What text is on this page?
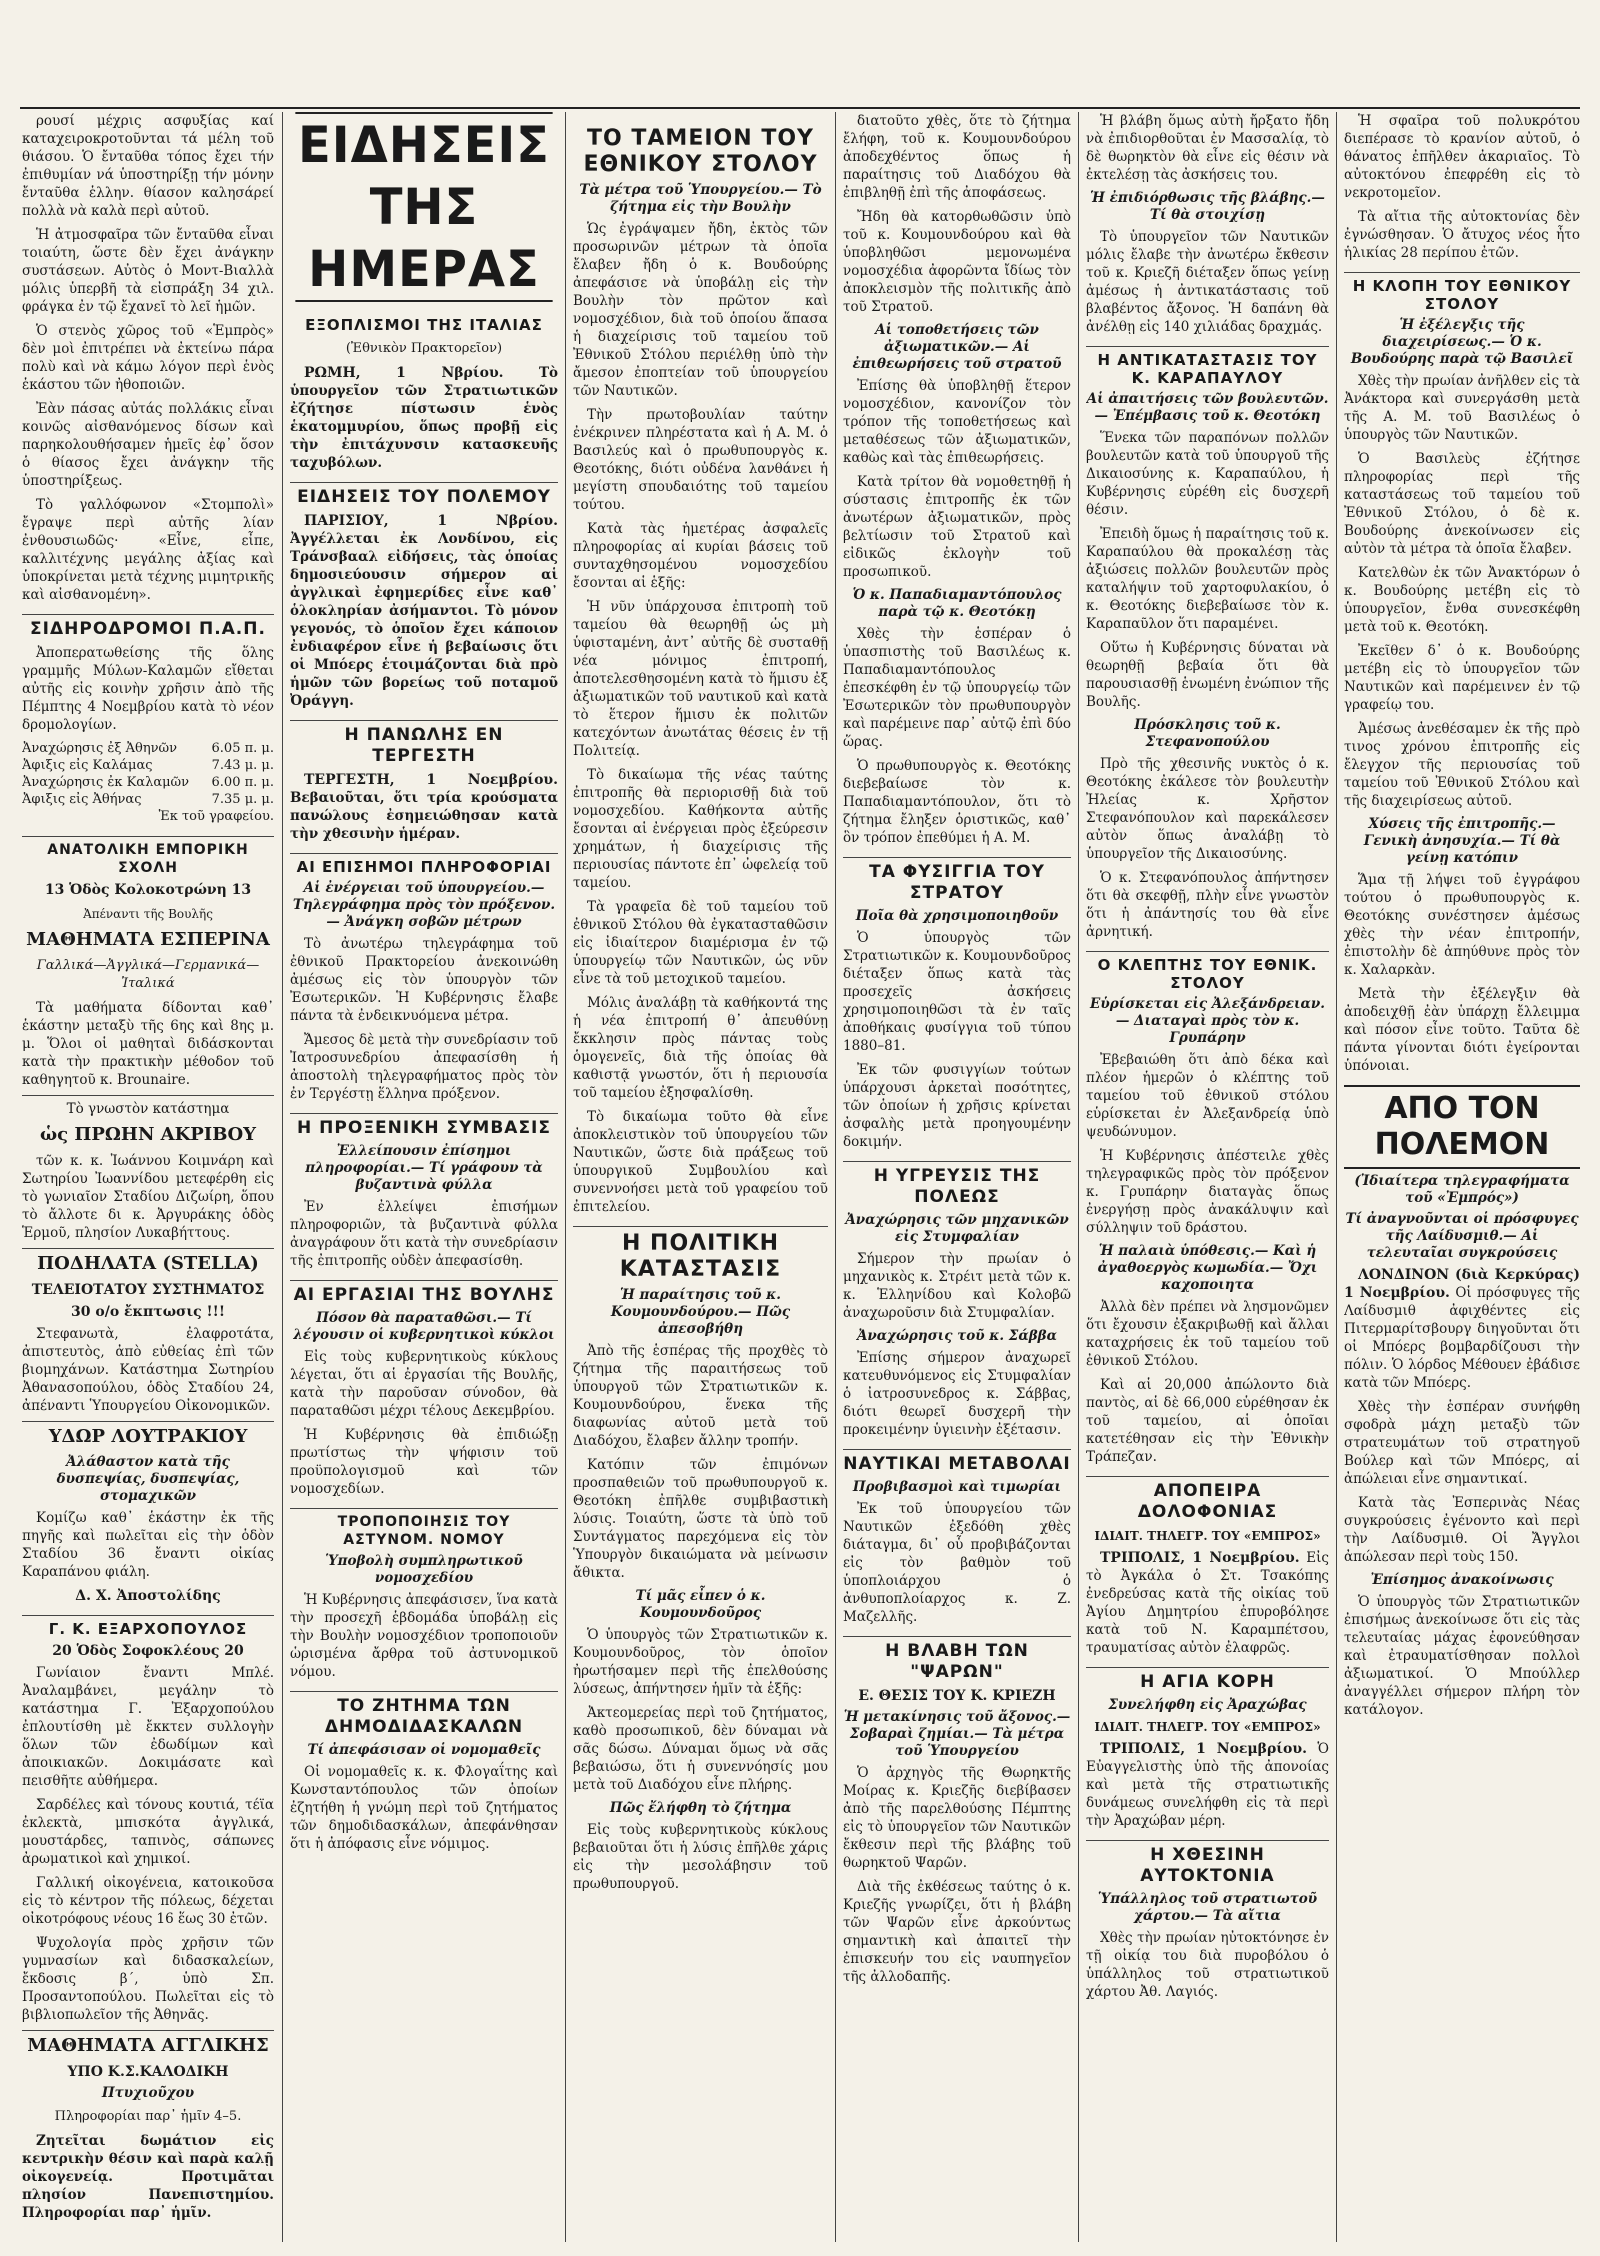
ρουσί μέχρις ασφυξίας καί καταχειροκροτοῦνται τά μέλη τοῦ θιάσου. Ὁ ἔνταῦθα τόπος ἔχει τήν ἐπιθυμίαν νά ὑποστηρίξῃ τήν μόνην ἔνταῦθα ἑλλην. θίασον καλησάρεί πολλὰ νὰ καλὰ περὶ αὐτοῦ.

Ἡ ἀτμοσφαῖρα τῶν ἔνταῦθα εἶναι τοιαύτη, ὥστε δὲν ἔχει ἀνάγκην συστάσεων. Αὐτὸς ὁ Μοντ-Βιαλλὰ μόλις ὑπερβῆ τὰ εἰσπράξη 34 χιλ. φράγκα ἐν τῷ ἔχανεῖ τὸ λεῖ ἡμῶν.

Ὁ στενὸς χῶρος τοῦ «Ἑμπρὸς» δὲν μοὶ ἐπιτρέπει νὰ ἐκτείνω πάρα πολὺ καὶ νὰ κάμω λόγον περὶ ἑνὸς ἑκάστου τῶν ἠθοποιῶν.

Ἐὰν πάσας αὐτάς πολλάκις εἶναι κοινῶς αἰσθανόμενος δίσων καὶ παρηκολουθήσαμεν ἡμεῖς ἐφ᾽ ὅσον ὁ θίασος ἔχει ἀνάγκην τῆς ὑποστηρίξεως.

Τὸ γαλλόφωνον «Στομπολὶ» ἔγραψε περὶ αὐτῆς λίαν ἐνθουσιωδῶς· «Εἶνε, εἶπε, καλλιτέχνης μεγάλης ἀξίας καὶ ὑποκρίνεται μετὰ τέχνης μιμητρικῆς καὶ αἰσθανομένη».

ΣΙΔΗΡΟΔΡΟΜΟΙ Π.Α.Π.

Ἀποπερατωθείσης τῆς ὅλης γραμμῆς Μύλων-Καλαμῶν εἴθεται αὐτῆς εἰς κοινὴν χρῆσιν ἀπὸ τῆς Πέμπτης 4 Νοεμβρίου κατὰ τὸ νέον δρομολογίων.

Ἀναχώρησις ἐξ Ἀθηνῶν	6.05 π. μ.
Ἀφιξις εἰς Καλάμας	7.43 μ. μ.
Ἀναχώρησις ἐκ Καλαμῶν 6.00 π. μ.
Ἀφιξις εἰς Ἀθήνας	7.35 μ. μ.
Ἐκ τοῦ γραφείου.
ΑΝΑΤΟΛΙΚΗ ΕΜΠΟΡΙΚΗ ΣΧΟΛΗ
13 Ὁδὸς Κολοκοτρώνη 13
Ἀπέναντι τῆς Βουλῆς
ΜΑΘΗΜΑΤΑ ΕΣΠΕΡΙΝΑ
Γαλλικά—Ἀγγλικά—Γερμανικά—Ἰταλικά

Τὰ μαθήματα δίδονται καθ᾽ ἑκάστην μεταξὺ τῆς 6ης καὶ 8ης μ. μ. Ὅλοι οἱ μαθηταὶ διδάσκονται κατὰ τὴν πρακτικὴν μέθοδον τοῦ καθηγητοῦ κ. Brounaire.

Τὸ γνωστὸν κατάστημα
ὡς ΠΡΩΗΝ ΑΚΡΙΒΟΥ

τῶν κ. κ. Ἰωάννου Κοιμνάρη καὶ Σωτηρίου Ἰωαννίδου μετεφέρθη εἰς τὸ γωνιαῖον Σταδίου Διζωίρη, ὅπου τὸ ἄλλοτε δι κ. Ἀργυράκης ὁδὸς Ἑρμοῦ, πλησίον Λυκαβήττους.

ΠΟΔΗΛΑΤΑ (STELLA)
ΤΕΛΕΙΟΤΑΤΟΥ ΣΥΣΤΗΜΑΤΟΣ
30 ο/ο ἔκπτωσις !!!

Στεφανωτὰ, ἐλαφροτάτα, ἀπιστευτὸς, ἀπὸ εὐθείας ἐπὶ τῶν βιομηχάνων. Κατάστημα Σωτηρίου Ἀθανασοπούλου, ὁδὸς Σταδίου 24, ἀπέναντι Ὑπουργείου Οἰκονομικῶν.

ΥΔΩΡ ΛΟΥΤΡΑΚΙΟΥ
Ἀλάθαστον κατὰ τῆς δυσπεψίας, δυσπεψίας, στομαχικῶν

Κομίζω καθ᾽ ἑκάστην ἐκ τῆς πηγῆς καὶ πωλεῖται εἰς τὴν ὁδὸν Σταδίου 36 ἔναντι οἰκίας Καραπάνου φιάλη.

Δ. Χ. Ἀποστολίδης
Γ. Κ. ΕΞΑΡΧΟΠΟΥΛΟΣ
20 Ὁδὸς Σοφοκλέους 20

Γωνίαιον ἔναντι Μπλέ. Ἀναλαμβάνει, μεγάλην τὸ κατάστημα Γ. Ἐξαρχοπούλου ἐπλουτίσθη μὲ ἔκκτεν συλλογὴν ὅλων τῶν ἐδωδίμων καὶ ἀποικιακῶν. Δοκιμάσατε καὶ πεισθῆτε αὐθήμερα.

Σαρδέλες καὶ τόνους κουτιά, τέϊα ἐκλεκτὰ, μπισκότα ἀγγλικά, μουστάρδες, ταπινὸς, σάπωνες ἀρωματικοὶ καὶ χημικοί.

Γαλλική οἰκογένεια, κατοικοῦσα εἰς τὸ κέντρον τῆς πόλεως, δέχεται οἰκοτρόφους νέους 16 ἕως 30 ἐτῶν.

Ψυχολογία πρὸς χρῆσιν τῶν γυμνασίων καὶ διδασκαλείων, ἔκδοσις β΄, ὑπὸ Σπ. Προσαντοπούλου. Πωλεῖται εἰς τὸ βιβλιοπωλεῖον τῆς Ἀθηνᾶς.

ΜΑΘΗΜΑΤΑ ΑΓΓΛΙΚΗΣ
ΥΠΟ Κ.Σ.ΚΑΛΟΔΙΚΗ
Πτυχιοῦχου
Πληροφορίαι παρ᾽ ἡμῖν 4–5.

Ζητεῖται δωμάτιον εἰς κεντρικὴν θέσιν καὶ παρὰ καλῇ οἰκογενείᾳ. Προτιμᾶται πλησίον Πανεπιστημίου. Πληροφορίαι παρ᾽ ἡμῖν.

ΕΙΔΗΣΕΙΣ ΤΗΣ ΗΜΕΡΑΣ
ΕΞΟΠΛΙΣΜΟΙ ΤΗΣ ΙΤΑΛΙΑΣ
(Ἐθνικὸν Πρακτορεῖον)

ΡΩΜΗ, 1 Νβρίου.	Τὸ ὑπουργεῖον τῶν Στρατιωτικῶν ἐζήτησε πίστωσιν ἑνὸς ἑκατομμυρίου, ὅπως προβῇ εἰς τὴν ἐπιτάχυνσιν κατασκευῆς ταχυβόλων.

ΕΙΔΗΣΕΙΣ ΤΟΥ ΠΟΛΕΜΟΥ

ΠΑΡΙΣΙΟΥ, 1 Νβρίου. Ἀγγέλλεται ἐκ Λονδίνου, εἰς Τράνσβααλ εἰδήσεις, τὰς ὁποίας δημοσιεύουσιν σήμερον αἱ ἀγγλικαὶ ἐφημερίδες εἶνε καθ᾽ ὁλοκληρίαν ἀσήμαντοι. Τὸ μόνον γεγονός, τὸ ὁποῖον ἔχει κάποιον ἐνδιαφέρον εἶνε ἡ βεβαίωσις ὅτι οἱ Μπόερς ἑτοιμάζονται διὰ πρὸ ἡμῶν τῶν βορείως τοῦ ποταμοῦ Ὀράγγη.

Η ΠΑΝΩΛΗΣ ΕΝ ΤΕΡΓΕΣΤΗ

ΤΕΡΓΕΣΤΗ, 1 Νοεμβρίου. Βεβαιοῦται, ὅτι τρία κρούσματα πανώλους ἐσημειώθησαν κατὰ τὴν χθεσινὴν ἡμέραν.

ΑΙ ΕΠΙΣΗΜΟΙ ΠΛΗΡΟΦΟΡΙΑΙ
Αἱ ἐνέργειαι τοῦ ὑπουργείου.— Τηλεγράφημα πρὸς τὸν πρόξενον.— Ἀνάγκη σοβῶν μέτρων

Τὸ ἀνωτέρω τηλεγράφημα τοῦ ἐθνικοῦ Πρακτορείου ἀνεκοινώθη ἀμέσως εἰς τὸν ὑπουργὸν τῶν Ἐσωτερικῶν. Ἡ Κυβέρνησις ἔλαβε πάντα τὰ ἐνδεικνυόμενα μέτρα.

Ἄμεσος δὲ μετὰ τὴν συνεδρίασιν τοῦ Ἰατροσυνεδρίου ἀπεφασίσθη ἡ ἀποστολὴ τηλεγραφήματος πρὸς τὸν ἐν Τεργέστῃ ἕλληνα πρόξενον.

Η ΠΡΟΞΕΝΙΚΗ ΣΥΜΒΑΣΙΣ
Ἐλλείπουσιν ἐπίσημοι πληροφορίαι.— Τί γράφουν τὰ βυζαντινὰ φύλλα

Ἐν ἐλλείψει ἐπισήμων πληροφοριῶν, τὰ βυζαντινὰ φύλλα ἀναγράφουν ὅτι κατὰ τὴν συνεδρίασιν τῆς ἐπιτροπῆς οὐδὲν ἀπεφασίσθη.

ΑΙ ΕΡΓΑΣΙΑΙ ΤΗΣ ΒΟΥΛΗΣ
Πόσον θὰ παραταθῶσι.— Τί λέγουσιν οἱ κυβερνητικοὶ κύκλοι

Εἰς τοὺς κυβερνητικοὺς κύκλους λέγεται, ὅτι αἱ ἐργασίαι τῆς Βουλῆς, κατὰ τὴν παροῦσαν σύνοδον, θὰ παραταθῶσι μέχρι τέλους Δεκεμβρίου.

Ἡ Κυβέρνησις θὰ ἐπιδιώξῃ πρωτίστως τὴν ψήφισιν τοῦ προϋπολογισμοῦ καὶ τῶν νομοσχεδίων.

ΤΡΟΠΟΠΟΙΗΣΙΣ ΤΟΥ ΑΣΤΥΝΟΜ. ΝΟΜΟΥ
Ὑποβολὴ συμπληρωτικοῦ νομοσχεδίου

Ἡ Κυβέρνησις ἀπεφάσισεν, ἵνα κατὰ τὴν προσεχῆ ἑβδομάδα ὑποβάλῃ εἰς τὴν Βουλὴν νομοσχέδιον τροποποιοῦν ὡρισμένα ἄρθρα τοῦ ἀστυνομικοῦ νόμου.

ΤΟ ΖΗΤΗΜΑ ΤΩΝ ΔΗΜΟΔΙΔΑΣΚΑΛΩΝ
Τί ἀπεφάσισαν οἱ νομομαθεῖς

Οἱ νομομαθεῖς κ. κ. Φλογαΐτης καὶ Κωνσταντόπουλος τῶν ὁποίων ἐζητήθη ἡ γνώμη περὶ τοῦ ζητήματος τῶν δημοδιδασκάλων, ἀπεφάνθησαν ὅτι ἡ ἀπόφασις εἶνε νόμιμος.

ΤΟ ΤΑΜΕΙΟΝ ΤΟΥ ΕΘΝΙΚΟΥ ΣΤΟΛΟΥ
Τὰ μέτρα τοῦ Ὑπουργείου.— Τὸ ζήτημα εἰς τὴν Βουλὴν

Ὡς ἐγράψαμεν ἤδη, ἐκτὸς τῶν προσωρινῶν μέτρων τὰ ὁποῖα ἔλαβεν ἤδη ὁ κ. Βουδούρης ἀπεφάσισε νὰ ὑποβάλῃ εἰς τὴν Βουλὴν τὸν πρῶτον καὶ νομοσχέδιον, διὰ τοῦ ὁποίου ἅπασα ἡ διαχείρισις τοῦ ταμείου τοῦ Ἐθνικοῦ Στόλου περιέλθῃ ὑπὸ τὴν ἄμεσον ἐποπτείαν τοῦ ὑπουργείου τῶν Ναυτικῶν.

Τὴν πρωτοβουλίαν ταύτην ἐνέκρινεν πληρέστατα καὶ ἡ Α. Μ. ὁ Βασιλεύς καὶ ὁ πρωθυπουργὸς κ. Θεοτόκης, διότι οὐδένα λανθάνει ἡ μεγίστη σπουδαιότης τοῦ ταμείου τούτου.

Κατὰ τὰς ἡμετέρας ἀσφαλεῖς πληροφορίας αἱ κυρίαι βάσεις τοῦ συνταχθησομένου νομοσχεδίου ἔσονται αἱ ἑξῆς:

Ἡ νῦν ὑπάρχουσα ἐπιτροπὴ τοῦ ταμείου θὰ θεωρηθῇ ὡς μὴ ὑφισταμένη, ἀντ᾽ αὐτῆς δὲ συσταθῇ νέα μόνιμος ἐπιτροπή, ἀποτελεσθησομένη κατὰ τὸ ἥμισυ ἐξ ἀξιωματικῶν τοῦ ναυτικοῦ καὶ κατὰ τὸ ἕτερον ἥμισυ ἐκ πολιτῶν κατεχόντων ἀνωτάτας θέσεις ἐν τῇ Πολιτείᾳ.

Τὸ δικαίωμα τῆς νέας ταύτης ἐπιτροπῆς θὰ περιορισθῇ διὰ τοῦ νομοσχεδίου. Καθήκοντα αὐτῆς ἔσονται αἱ ἐνέργειαι πρὸς ἐξεύρεσιν χρημάτων, ἡ διαχείρισις τῆς περιουσίας πάντοτε ἐπ᾽ ὠφελείᾳ τοῦ ταμείου.

Τὰ γραφεῖα δὲ τοῦ ταμείου τοῦ ἐθνικοῦ Στόλου θὰ ἐγκατασταθῶσιν εἰς ἰδιαίτερον διαμέρισμα ἐν τῷ ὑπουργείῳ τῶν Ναυτικῶν, ὡς νῦν εἶνε τὰ τοῦ μετοχικοῦ ταμείου.

Μόλις ἀναλάβῃ τὰ καθήκοντά της ἡ νέα ἐπιτροπή θ᾽ ἀπευθύνῃ ἔκκλησιν πρὸς πάντας τοὺς ὁμογενεῖς, διὰ τῆς ὁποίας θὰ καθιστᾷ γνωστόν, ὅτι ἡ περιουσία τοῦ ταμείου ἐξησφαλίσθη.

Τὸ δικαίωμα τοῦτο θὰ εἶνε ἀποκλειστικὸν τοῦ ὑπουργείου τῶν Ναυτικῶν, ὥστε διὰ πράξεως τοῦ ὑπουργικοῦ Συμβουλίου καὶ συνεννοήσει μετὰ τοῦ γραφείου τοῦ ἐπιτελείου.

Η ΠΟΛΙΤΙΚΗ ΚΑΤΑΣΤΑΣΙΣ
Ἡ παραίτησις τοῦ κ. Κουμουνδούρου.— Πῶς ἀπεσοβήθη

Ἀπὸ τῆς ἑσπέρας τῆς προχθὲς τὸ ζήτημα τῆς παραιτήσεως τοῦ ὑπουργοῦ τῶν Στρατιωτικῶν κ. Κουμουνδούρου, ἕνεκα τῆς διαφωνίας αὐτοῦ μετὰ τοῦ Διαδόχου, ἔλαβεν ἄλλην τροπήν.

Κατόπιν τῶν ἐπιμόνων προσπαθειῶν τοῦ πρωθυπουργοῦ κ. Θεοτόκη ἐπῆλθε συμβιβαστικὴ λύσις. Τοιαύτη, ὥστε τὰ ὑπὸ τοῦ Συντάγματος παρεχόμενα εἰς τὸν Ὑπουργὸν δικαιώματα νὰ μείνωσιν ἄθικτα.

Τί μᾶς εἶπεν ὁ κ. Κουμουνδοῦρος

Ὁ ὑπουργὸς τῶν Στρατιωτικῶν κ. Κουμουνδοῦρος, τὸν ὁποῖον ἠρωτήσαμεν περὶ τῆς ἐπελθούσης λύσεως, ἀπήντησεν ἡμῖν τὰ ἑξῆς:

Ἀκτεομερείας περὶ τοῦ ζητήματος, καθὸ προσωπικοῦ, δὲν δύναμαι νὰ σᾶς δώσω. Δύναμαι ὅμως νὰ σᾶς βεβαιώσω, ὅτι ἡ συνεννόησίς μου μετὰ τοῦ Διαδόχου εἶνε πλήρης.

Πῶς ἔλήφθη τὸ ζήτημα

Εἰς τοὺς κυβερνητικοὺς κύκλους βεβαιοῦται ὅτι ἡ λύσις ἐπῆλθε χάρις εἰς τὴν μεσολάβησιν τοῦ πρωθυπουργοῦ.

διατοῦτο χθὲς, ὅτε τὸ ζήτημα ἔλήφη, τοῦ κ. Κουμουνδούρου ἀποδεχθέντος ὅπως ἡ παραίτησις τοῦ Διαδόχου θὰ ἐπιβληθῇ ἐπὶ τῆς ἀποφάσεως.

Ἤδη θὰ κατορθωθῶσιν ὑπὸ τοῦ κ. Κουμουνδούρου καὶ θὰ ὑποβληθῶσι μεμονωμένα νομοσχέδια ἀφορῶντα ἴδίως τὸν ἀποκλεισμὸν τῆς πολιτικῆς ἀπὸ τοῦ Στρατοῦ.

Αἱ τοποθετήσεις τῶν ἀξιωματικῶν.— Αἱ ἐπιθεωρήσεις τοῦ στρατοῦ

Ἐπίσης θὰ ὑποβληθῇ ἕτερον νομοσχέδιον, κανονίζον τὸν τρόπον τῆς τοποθετήσεως καὶ μεταθέσεως τῶν ἀξιωματικῶν, καθὼς καὶ τὰς ἐπιθεωρήσεις.

Κατὰ τρίτον θὰ νομοθετηθῇ ἡ σύστασις ἐπιτροπῆς ἐκ τῶν ἀνωτέρων ἀξιωματικῶν, πρὸς βελτίωσιν τοῦ Στρατοῦ καὶ εἰδικῶς ἐκλογὴν τοῦ προσωπικοῦ.

Ὁ κ. Παπαδιαμαντόπουλος παρὰ τῷ κ. Θεοτόκῃ

Χθὲς τὴν ἑσπέραν ὁ ὑπασπιστὴς τοῦ Βασιλέως κ. Παπαδιαμαντόπουλος ἐπεσκέφθη ἐν τῷ ὑπουργείῳ τῶν Ἐσωτερικῶν τὸν πρωθυπουργὸν καὶ παρέμεινε παρ᾽ αὐτῷ ἐπὶ δύο ὥρας.

Ὁ πρωθυπουργὸς κ. Θεοτόκης διεβεβαίωσε τὸν κ. Παπαδιαμαντόπουλον, ὅτι τὸ ζήτημα ἔληξεν ὁριστικῶς, καθ᾽ ὃν τρόπον ἐπεθύμει ἡ Α. Μ.

ΤΑ ΦΥΣΙΓΓΙΑ ΤΟΥ ΣΤΡΑΤΟΥ
Ποῖα θὰ χρησιμοποιηθοῦν

Ὁ ὑπουργὸς τῶν Στρατιωτικῶν κ. Κουμουνδοῦρος διέταξεν ὅπως κατὰ τὰς προσεχεῖς ἀσκήσεις χρησιμοποιηθῶσι τὰ ἐν ταῖς ἀποθήκαις φυσίγγια τοῦ τύπου 1880–81.

Ἐκ τῶν φυσιγγίων τούτων ὑπάρχουσι ἀρκεταὶ ποσότητες, τῶν ὁποίων ἡ χρῆσις κρίνεται ἀσφαλὴς μετὰ προηγουμένην δοκιμήν.

Η ΥΓΡΕΥΣΙΣ ΤΗΣ ΠΟΛΕΩΣ
Ἀναχώρησις τῶν μηχανικῶν εἰς Στυμφαλίαν

Σήμερον τὴν πρωίαν ὁ μηχανικὸς κ. Στρέιτ μετὰ τῶν κ. κ. Ἑλληνίδου καὶ Κολοβῶ ἀναχωροῦσιν διὰ Στυμφαλίαν.

Ἀναχώρησις τοῦ κ. Σάββα

Ἐπίσης σήμερον ἀναχωρεῖ κατευθυνόμενος εἰς Στυμφαλίαν ὁ ἰατροσυνεδρος κ. Σάββας, διότι θεωρεῖ δυσχερῆ τὴν προκειμένην ὑγιεινὴν ἐξέτασιν.

ΝΑΥΤΙΚΑΙ ΜΕΤΑΒΟΛΑΙ
Προβιβασμοὶ καὶ τιμωρίαι

Ἐκ τοῦ ὑπουργείου τῶν Ναυτικῶν ἐξεδόθη χθὲς διάταγμα, δι᾽ οὗ προβιβάζονται εἰς τὸν βαθμὸν τοῦ ὑποπλοιάρχου ὁ ἀνθυποπλοίαρχος κ. Ζ. Μαζελλῆς.

Η ΒΛΑΒΗ ΤΩΝ "ΨΑΡΩΝ"
Ε. ΘΕΣΙΣ ΤΟΥ Κ. ΚΡΙΕΖΗ
Ἡ μετακίνησις τοῦ ἄξονος.— Σοβαραὶ ζημίαι.— Τὰ μέτρα τοῦ Ὑπουργείου

Ὁ ἀρχηγὸς τῆς Θωρηκτῆς Μοίρας κ. Κριεζῆς διεβίβασεν ἀπὸ τῆς παρελθούσης Πέμπτης εἰς τὸ ὑπουργεῖον τῶν Ναυτικῶν ἔκθεσιν περὶ τῆς βλάβης τοῦ θωρηκτοῦ Ψαρῶν.

Διὰ τῆς ἐκθέσεως ταύτης ὁ κ. Κριεζῆς γνωρίζει, ὅτι ἡ βλάβη τῶν Ψαρῶν εἶνε ἀρκούντως σημαντικὴ καὶ ἀπαιτεῖ τὴν ἐπισκευήν του εἰς ναυπηγεῖον τῆς ἀλλοδαπῆς.

Ἡ βλάβη ὅμως αὐτὴ ἤρξατο ἤδη νὰ ἐπιδιορθοῦται ἐν Μασσαλίᾳ, τὸ δὲ θωρηκτὸν θὰ εἶνε εἰς θέσιν νὰ ἐκτελέσῃ τὰς ἀσκήσεις του.

Ἡ ἐπιδιόρθωσις τῆς βλάβης.— Τί θὰ στοιχίσῃ

Τὸ ὑπουργεῖον τῶν Ναυτικῶν μόλις ἔλαβε τὴν ἀνωτέρω ἔκθεσιν τοῦ κ. Κριεζῆ διέταξεν ὅπως γείνῃ ἀμέσως ἡ ἀντικατάστασις τοῦ βλαβέντος ἄξονος. Ἡ δαπάνη θὰ ἀνέλθῃ εἰς 140 χιλιάδας δραχμάς.

Η ΑΝΤΙΚΑΤΑΣΤΑΣΙΣ ΤΟΥ Κ. ΚΑΡΑΠΑΥΛΟΥ
Αἱ ἀπαιτήσεις τῶν βουλευτῶν.— Ἐπέμβασις τοῦ κ. Θεοτόκη

Ἕνεκα τῶν παραπόνων πολλῶν βουλευτῶν κατὰ τοῦ ὑπουργοῦ τῆς Δικαιοσύνης κ. Καραπαύλου, ἡ Κυβέρνησις εὑρέθη εἰς δυσχερῆ θέσιν.

Ἐπειδὴ ὅμως ἡ παραίτησις τοῦ κ. Καραπαύλου θὰ προκαλέσῃ τὰς ἀξιώσεις πολλῶν βουλευτῶν πρὸς καταλήψιν τοῦ χαρτοφυλακίου, ὁ κ. Θεοτόκης διεβεβαίωσε τὸν κ. Καραπαῦλον ὅτι παραμένει.

Οὕτω ἡ Κυβέρνησις δύναται νὰ θεωρηθῇ βεβαία ὅτι θὰ παρουσιασθῇ ἑνωμένη ἐνώπιον τῆς Βουλῆς.

Πρόσκλησις τοῦ κ. Στεφανοπούλου

Πρὸ τῆς χθεσινῆς νυκτὸς ὁ κ. Θεοτόκης ἐκάλεσε τὸν βουλευτὴν Ἠλείας κ. Χρῆστον Στεφανόπουλον καὶ παρεκάλεσεν αὐτὸν ὅπως ἀναλάβῃ τὸ ὑπουργεῖον τῆς Δικαιοσύνης.

Ὁ κ. Στεφανόπουλος ἀπήντησεν ὅτι θὰ σκεφθῇ, πλὴν εἶνε γνωστὸν ὅτι ἡ ἀπάντησίς του θὰ εἶνε ἀρνητική.

Ο ΚΛΕΠΤΗΣ ΤΟΥ ΕΘΝΙΚ. ΣΤΟΛΟΥ
Εὑρίσκεται εἰς Ἀλεξάνδρειαν.— Διαταγαὶ πρὸς τὸν κ. Γρυπάρην

Ἐβεβαιώθη ὅτι ἀπὸ δέκα καὶ πλέον ἡμερῶν ὁ κλέπτης τοῦ ταμείου τοῦ ἐθνικοῦ στόλου εὑρίσκεται ἐν Ἀλεξανδρείᾳ ὑπὸ ψευδώνυμον.

Ἡ Κυβέρνησις ἀπέστειλε χθὲς τηλεγραφικῶς πρὸς τὸν πρόξενον κ. Γρυπάρην διαταγὰς ὅπως ἐνεργήσῃ πρὸς ἀνακάλυψιν καὶ σύλληψιν τοῦ δράστου.

Ἡ παλαιὰ ὑπόθεσις.— Καὶ ἡ ἀγαθοεργὸς κωμωδία.— Ὄχι καχοποιητα

Ἀλλὰ δὲν πρέπει νὰ λησμονῶμεν ὅτι ἔχουσιν ἐξακριβωθῇ καὶ ἄλλαι καταχρήσεις ἐκ τοῦ ταμείου τοῦ ἐθνικοῦ Στόλου.

Καὶ αἱ 20,000 ἀπώλοντο διὰ παντὸς, αἱ δὲ 66,000 εὑρέθησαν ἐκ τοῦ ταμείου, αἱ ὁποῖαι κατετέθησαν εἰς τὴν Ἐθνικὴν Τράπεζαν.

ΑΠΟΠΕΙΡΑ ΔΟΛΟΦΟΝΙΑΣ
ΙΔΙΑΙΤ. ΤΗΛΕΓΡ. ΤΟΥ «ΕΜΠΡΟΣ»

ΤΡΙΠΟΛΙΣ, 1 Νοεμβρίου. Εἰς τὸ Ἀγκάλα ὁ Στ. Τσακόπης ἐνεδρεύσας κατὰ τῆς οἰκίας τοῦ Ἀγίου Δημητρίου ἐπυροβόλησε κατὰ τοῦ Ν. Καραμπέτσου, τραυματίσας αὐτὸν ἐλαφρῶς.

Η ΑΓΙΑ ΚΟΡΗ
Συνελήφθη εἰς Ἀραχώβας
ΙΔΙΑΙΤ. ΤΗΛΕΓΡ. ΤΟΥ «ΕΜΠΡΟΣ»

ΤΡΙΠΟΛΙΣ, 1 Νοεμβρίου. Ὁ Εὐαγγελιστὴς ὑπὸ τῆς ἀπονοίας καὶ μετὰ τῆς στρατιωτικῆς δυνάμεως συνελήφθη εἰς τὰ περὶ τὴν Ἀραχώβαν μέρη.

Η ΧΘΕΣΙΝΗ ΑΥΤΟΚΤΟΝΙΑ
Ὑπάλληλος τοῦ στρατιωτοῦ χάρτου.— Τὰ αἴτια

Χθὲς τὴν πρωίαν ηὐτοκτόνησε ἐν τῇ οἰκίᾳ του διὰ πυροβόλου ὁ ὑπάλληλος τοῦ στρατιωτικοῦ χάρτου Ἀθ. Λαγιός.

Ἡ σφαῖρα τοῦ πολυκρότου διεπέρασε τὸ κρανίον αὐτοῦ, ὁ θάνατος ἐπῆλθεν ἀκαριαῖος. Τὸ αὐτοκτόνου ἐπεφρέθη εἰς τὸ νεκροτομεῖον.

Τὰ αἴτια τῆς αὐτοκτονίας δὲν ἐγνώσθησαν. Ὁ ἄτυχος νέος ἦτο ἡλικίας 28 περίπου ἐτῶν.

Η ΚΛΟΠΗ ΤΟΥ ΕΘΝΙΚΟΥ ΣΤΟΛΟΥ
Ἡ ἐξέλεγξις τῆς διαχειρίσεως.— Ὁ κ. Βουδούρης παρὰ τῷ Βασιλεῖ

Χθὲς τὴν πρωίαν ἀνῆλθεν εἰς τὰ Ἀνάκτορα καὶ συνεργάσθη μετὰ τῆς Α. Μ. τοῦ Βασιλέως ὁ ὑπουργὸς τῶν Ναυτικῶν.

Ὁ Βασιλεὺς ἐζήτησε πληροφορίας περὶ τῆς καταστάσεως τοῦ ταμείου τοῦ Ἐθνικοῦ Στόλου, ὁ δὲ κ. Βουδούρης ἀνεκοίνωσεν εἰς αὐτὸν τὰ μέτρα τὰ ὁποῖα ἔλαβεν.

Κατελθὼν ἐκ τῶν Ἀνακτόρων ὁ κ. Βουδούρης μετέβη εἰς τὸ ὑπουργεῖον, ἔνθα συνεσκέφθη μετὰ τοῦ κ. Θεοτόκη.

Ἐκεῖθεν δ᾽ ὁ κ. Βουδούρης μετέβη εἰς τὸ ὑπουργεῖον τῶν Ναυτικῶν καὶ παρέμεινεν ἐν τῷ γραφείῳ του.

Ἀμέσως ἀνεθέσαμεν ἐκ τῆς πρὸ τινος χρόνου ἐπιτροπῆς εἰς ἔλεγχον τῆς περιουσίας τοῦ ταμείου τοῦ Ἐθνικοῦ Στόλου καὶ τῆς διαχειρίσεως αὐτοῦ.

Χύσεις τῆς ἐπιτροπῆς.— Γενικὴ ἀνησυχία.— Τί θὰ γείνῃ κατόπιν

Ἅμα τῇ λήψει τοῦ ἐγγράφου τούτου ὁ πρωθυπουργὸς κ. Θεοτόκης συνέστησεν ἀμέσως χθὲς τὴν νέαν ἐπιτροπήν, ἐπιστολὴν δὲ ἀπηύθυνε πρὸς τὸν κ. Χαλαρκὰν.

Μετὰ τὴν ἐξέλεγξιν θὰ ἀποδειχθῇ ἐὰν ὑπάρχῃ ἔλλειμμα καὶ πόσον εἶνε τοῦτο. Ταῦτα δὲ πάντα γίνονται διότι ἐγείρονται ὑπόνοιαι.

ΑΠΟ ΤΟΝ ΠΟΛΕΜΟΝ
(Ἰδιαίτερα τηλεγραφήματα τοῦ «Ἐμπρός»)
Τί ἀναγνοῦνται οἱ πρόσφυγες τῆς Λαίδυσμιθ.— Αἱ τελευταῖαι συγκρούσεις

ΛΟΝΔΙΝΟΝ (διὰ Κερκύρας) 1 Νοεμβρίου. Οἱ πρόσφυγες τῆς Λαίδυσμιθ ἀφιχθέντες εἰς Πιτερμαρίτσβουργ διηγοῦνται ὅτι οἱ Μπόερς βομβαρδίζουσι τὴν πόλιν. Ὁ λόρδος Μέθουεν ἐβάδισε κατὰ τῶν Μπόερς.

Χθὲς τὴν ἑσπέραν συνήφθη σφοδρὰ μάχη μεταξὺ τῶν στρατευμάτων τοῦ στρατηγοῦ Βούλερ καὶ τῶν Μπόερς, αἱ ἀπώλειαι εἶνε σημαντικαί.

Κατὰ τὰς Ἐσπερινὰς Νέας συγκρούσεις ἐγένοντο καὶ περὶ τὴν Λαίδυσμιθ. Οἱ Ἄγγλοι ἀπώλεσαν περὶ τοὺς 150.

Ἐπίσημος ἀνακοίνωσις

Ὁ ὑπουργὸς τῶν Στρατιωτικῶν ἐπισήμως ἀνεκοίνωσε ὅτι εἰς τὰς τελευταίας μάχας ἐφονεύθησαν καὶ ἐτραυματίσθησαν πολλοὶ ἀξιωματικοί. Ὁ Μπούλλερ ἀναγγέλλει σήμερον πλήρη τὸν κατάλογον.
